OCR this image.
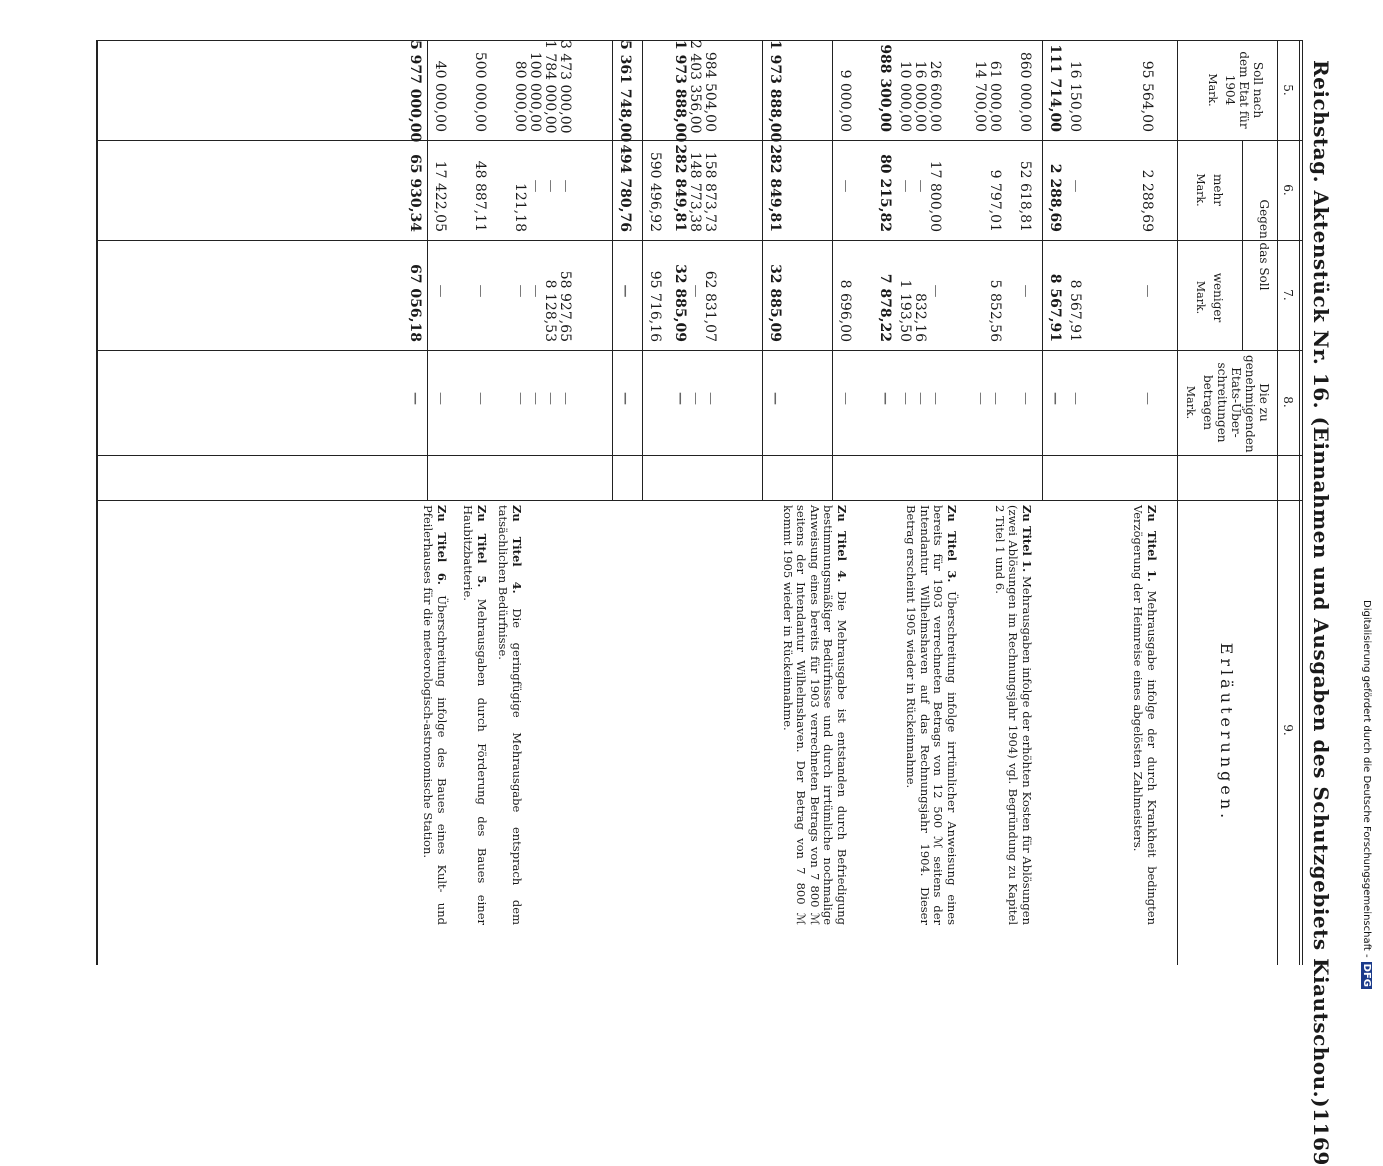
Reichstag. Aktenstück Nr. 16. (Einnahmen und Ausgaben des Schutzgebiets Kiautschou.)
1169
5.
6.
7.
8.
9.
Soll nach dem Etat für 1904
Mark.
Gegen das Soll
mehr
Mark.
weniger
Mark.
Die zu genehmigenden Etats-Über-schreitungen betragen
Mark.
Erläuterungen.
95 564,00
2 288,69
—
—
16 150,00
—
8 567,91
—
111 714,00
2 288,69
8 567,91
—
860 000,00
52 618,81
—
—
61 000,00
9 797,01
5 852,56
—
14 700,00
—
26 600,00
17 800,00
—
—
16 000,00
—
832,16
—
10 000,00
—
1 193,50
—
988 300,00
80 215,82
7 878,22
—
9 000,00
—
8 696,00
—
1 973 888,00
282 849,81
32 885,09
—
984 504,00
158 873,73
62 831,07
—
2 403 356,00
148 773,38
—
—
1 973 888,00
282 849,81
32 885,09
—
590 496,92
95 716,16
5 361 748,00
494 780,76
—
—
3 473 000,00
—
58 927,65
—
1 784 000,00
—
8 128,53
—
100 000,00
—
—
—
80 000,00
121,18
—
—
500 000,00
48 887,11
—
—
40 000,00
17 422,05
—
—
5 977 000,00
65 930,34
67 056,18
—
Zu Titel 1. Mehrausgabe infolge der durch Krankheit bedingten Verzögerung der Heimreise eines abgelösten Zahlmeisters.
Zu Titel 1. Mehrausgaben infolge der erhöhten Kosten für Ablösungen (zwei Ablösungen im Rechnungsjahr 1904) vgl. Begründung zu Kapitel 2 Titel 1 und 6.
Zu Titel 3. Überschreitung infolge irrtümlicher Anweisung eines bereits für 1903 verrechneten Betrags von 12 500 ℳ seitens der Intendantur Wilhelmshaven auf das Rechnungsjahr 1904. Dieser Betrag erscheint 1905 wieder in Rückeinnahme.
Zu Titel 4. Die Mehrausgabe ist entstanden durch Befriedigung bestimmungsmäßiger Bedürfnisse und durch irrtümliche nochmalige Anweisung eines bereits für 1903 verrechneten Betrags von 7 800 ℳ seitens der Intendantur Wilhelmshaven. Der Betrag von 7 800 ℳ kommt 1905 wieder in Rückeinnahme.
Zu Titel 4. Die geringfügige Mehrausgabe entsprach dem tatsächlichen Bedürfnisse.
Zu Titel 5. Mehrausgaben durch Förderung des Baues einer Haubitzbatterie.
Zu Titel 6. Überschreitung infolge des Baues eines Kult- und Pfeilerhauses für die meteorologisch-astronomische Station.	Digitalisierung gefördert durch die Deutsche Forschungsgemeinschaft -DFG
